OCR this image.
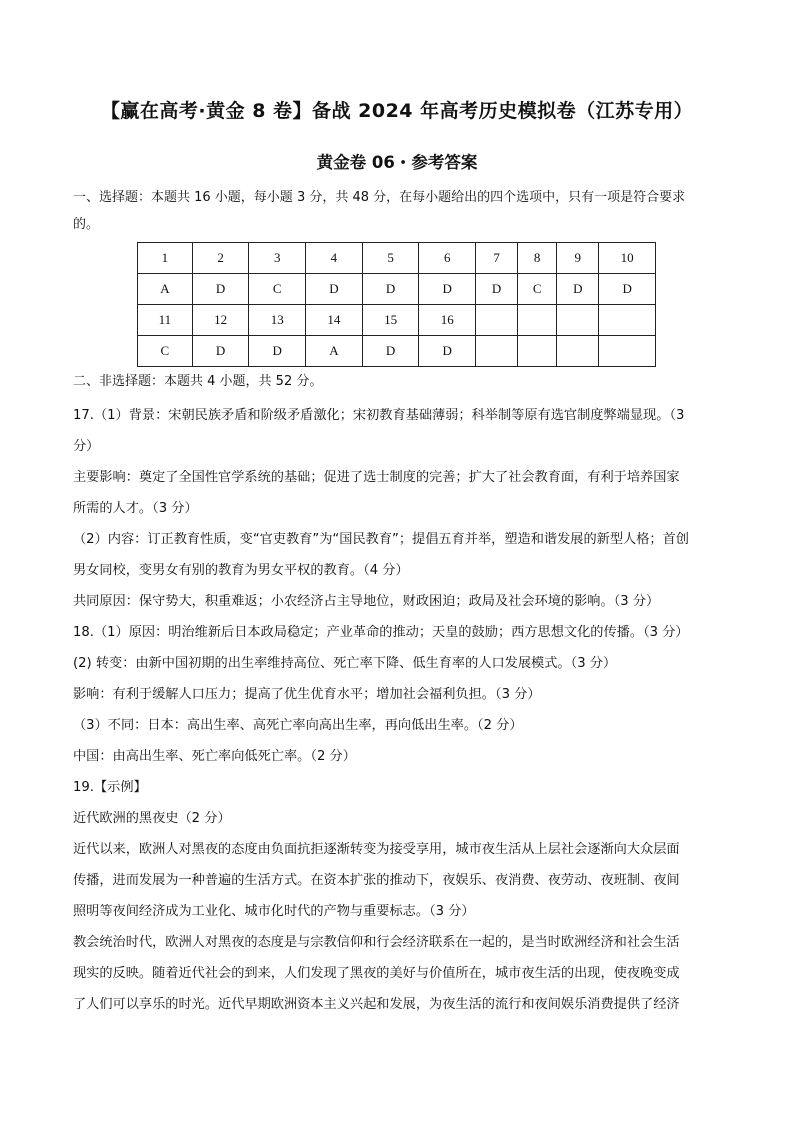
【赢在高考·黄金 8 卷】备战 2024 年高考历史模拟卷（江苏专用）
黄金卷 06・参考答案
一、选择题：本题共 16 小题，每小题 3 分，共 48 分，在每小题给出的四个选项中，只有一项是符合要求
的。
1	2	3	4	5	6	7	8	9	10
A	D	C	D	D	D	D	C	D	D
11	12	13	14	15	16				
C	D	D	A	D	D				
二、非选择题：本题共 4 小题，共 52 分。

17.（1）背景：宋朝民族矛盾和阶级矛盾激化；宋初教育基础薄弱；科举制等原有选官制度弊端显现。（3

分）

主要影响：奠定了全国性官学系统的基础；促进了选士制度的完善；扩大了社会教育面，有利于培养国家

所需的人才。（3 分）

（2）内容：订正教育性质，变“官吏教育”为“国民教育”；提倡五育并举，塑造和谐发展的新型人格；首创

男女同校，变男女有别的教育为男女平权的教育。（4 分）

共同原因：保守势大，积重难返；小农经济占主导地位，财政困迫；政局及社会环境的影响。（3 分）

18.（1）原因：明治维新后日本政局稳定；产业革命的推动；天皇的鼓励；西方思想文化的传播。（3 分）

(2) 转变：由新中国初期的出生率维持高位、死亡率下降、低生育率的人口发展模式。（3 分）

影响：有利于缓解人口压力；提高了优生优育水平；增加社会福利负担。（3 分）

（3）不同：日本：高出生率、高死亡率向高出生率，再向低出生率。（2 分）

中国：由高出生率、死亡率向低死亡率。（2 分）

19.【示例】

近代欧洲的黑夜史（2 分）

近代以来，欧洲人对黑夜的态度由负面抗拒逐渐转变为接受享用，城市夜生活从上层社会逐渐向大众层面

传播，进而发展为一种普遍的生活方式。在资本扩张的推动下，夜娱乐、夜消费、夜劳动、夜班制、夜间

照明等夜间经济成为工业化、城市化时代的产物与重要标志。（3 分）

教会统治时代，欧洲人对黑夜的态度是与宗教信仰和行会经济联系在一起的，是当时欧洲经济和社会生活

现实的反映。随着近代社会的到来，人们发现了黑夜的美好与价值所在，城市夜生活的出现，使夜晚变成

了人们可以享乐的时光。近代早期欧洲资本主义兴起和发展，为夜生活的流行和夜间娱乐消费提供了经济
